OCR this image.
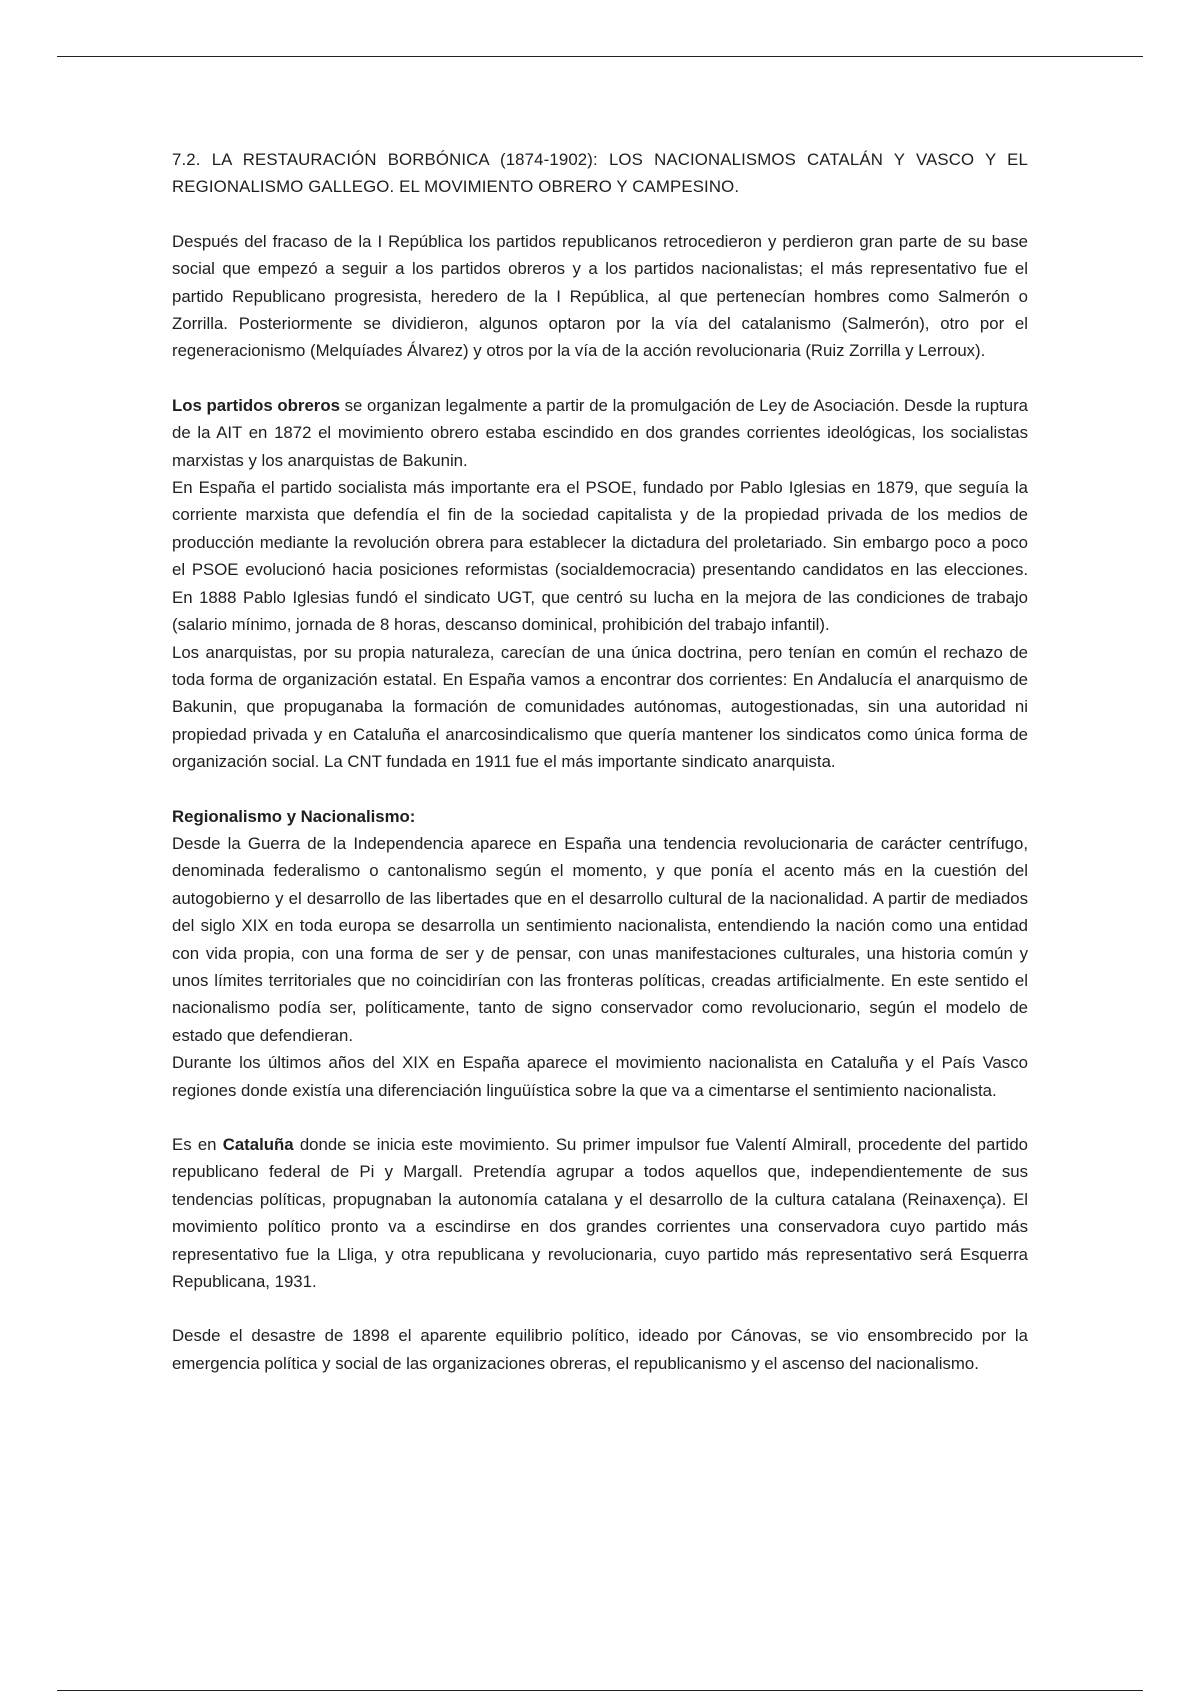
7.2. LA RESTAURACIÓN BORBÓNICA (1874-1902): LOS NACIONALISMOS CATALÁN Y VASCO Y EL REGIONALISMO GALLEGO. EL MOVIMIENTO OBRERO Y CAMPESINO.

Después del fracaso de la I República los partidos republicanos retrocedieron y perdieron gran parte de su base social que empezó a seguir a los partidos obreros y a los partidos nacionalistas; el más representativo fue el partido Republicano progresista, heredero de la I República, al que pertenecían hombres como Salmerón o Zorrilla. Posteriormente se dividieron, algunos optaron por la vía del catalanismo (Salmerón), otro por el regeneracionismo (Melquíades Álvarez) y otros por la vía de la acción revolucionaria (Ruiz Zorrilla y Lerroux).

Los partidos obreros se organizan legalmente a partir de la promulgación de Ley de Asociación. Desde la ruptura de la AIT en 1872 el movimiento obrero estaba escindido en dos grandes corrientes ideológicas, los socialistas marxistas y los anarquistas de Bakunin.

En España el partido socialista más importante era el PSOE, fundado por Pablo Iglesias en 1879, que seguía la corriente marxista que defendía el fin de la sociedad capitalista y de la propiedad privada de los medios de producción mediante la revolución obrera para establecer la dictadura del proletariado. Sin embargo poco a poco el PSOE evolucionó hacia posiciones reformistas (socialdemocracia) presentando candidatos en las elecciones. En 1888 Pablo Iglesias fundó el sindicato UGT, que centró su lucha en la mejora de las condiciones de trabajo (salario mínimo, jornada de 8 horas, descanso dominical, prohibición del trabajo infantil).

Los anarquistas, por su propia naturaleza, carecían de una única doctrina, pero tenían en común el rechazo de toda forma de organización estatal. En España vamos a encontrar dos corrientes: En Andalucía el anarquismo de Bakunin, que propuganaba la formación de comunidades autónomas, autogestionadas, sin una autoridad ni propiedad privada y en Cataluña el anarcosindicalismo que quería mantener los sindicatos como única forma de organización social. La CNT fundada en 1911 fue el más importante sindicato anarquista.

Regionalismo y Nacionalismo:

Desde la Guerra de la Independencia aparece en España una tendencia revolucionaria de carácter centrífugo, denominada federalismo o cantonalismo según el momento, y que ponía el acento más en la cuestión del autogobierno y el desarrollo de las libertades que en el desarrollo cultural de la nacionalidad. A partir de mediados del siglo XIX en toda europa se desarrolla un sentimiento nacionalista, entendiendo la nación como una entidad con vida propia, con una forma de ser y de pensar, con unas manifestaciones culturales, una historia común y unos límites territoriales que no coincidirían con las fronteras políticas, creadas artificialmente. En este sentido el nacionalismo podía ser, políticamente, tanto de signo conservador como revolucionario, según el modelo de estado que defendieran.

Durante los últimos años del XIX en España aparece el movimiento nacionalista en Cataluña y el País Vasco regiones donde existía una diferenciación linguüística sobre la que va a cimentarse el sentimiento nacionalista.

Es en Cataluña donde se inicia este movimiento. Su primer impulsor fue Valentí Almirall, procedente del partido republicano federal de Pi y Margall. Pretendía agrupar a todos aquellos que, independientemente de sus tendencias políticas, propugnaban la autonomía catalana y el desarrollo de la cultura catalana (Reinaxença). El movimiento político pronto va a escindirse en dos grandes corrientes una conservadora cuyo partido más representativo fue la Lliga, y otra republicana y revolucionaria, cuyo partido más representativo será Esquerra Republicana, 1931.

Desde el desastre de 1898 el aparente equilibrio político, ideado por Cánovas, se vio ensombrecido por la emergencia política y social de las organizaciones obreras, el republicanismo y el ascenso del nacionalismo.
